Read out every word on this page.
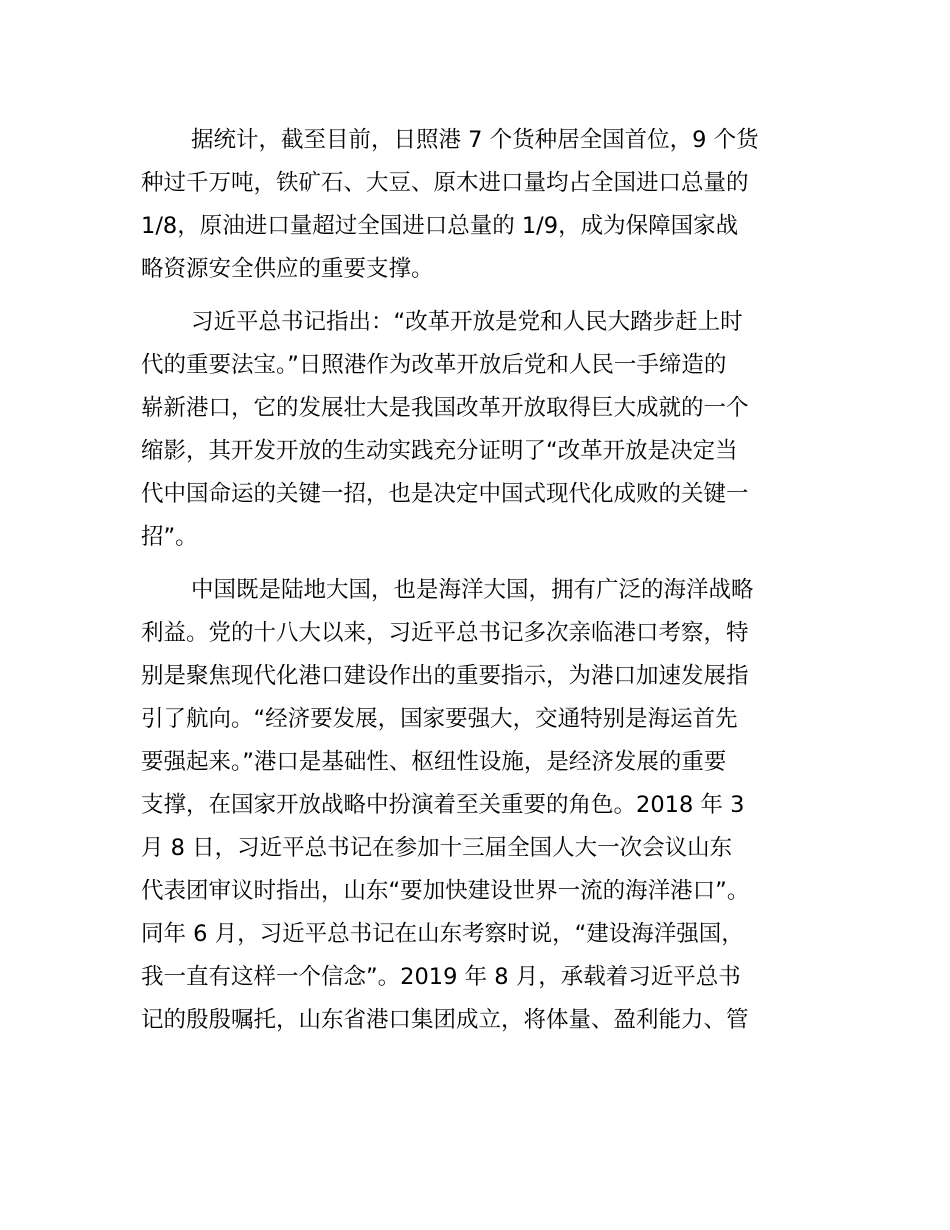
据统计，截至目前，日照港 7 个货种居全国首位，9 个货
种过千万吨，铁矿石、大豆、原木进口量均占全国进口总量的
1/8，原油进口量超过全国进口总量的 1/9，成为保障国家战
略资源安全供应的重要支撑。
习近平总书记指出：“改革开放是党和人民大踏步赶上时
代的重要法宝。”日照港作为改革开放后党和人民一手缔造的
崭新港口，它的发展壮大是我国改革开放取得巨大成就的一个
缩影，其开发开放的生动实践充分证明了“改革开放是决定当
代中国命运的关键一招，也是决定中国式现代化成败的关键一
招”。
中国既是陆地大国，也是海洋大国，拥有广泛的海洋战略
利益。党的十八大以来，习近平总书记多次亲临港口考察，特
别是聚焦现代化港口建设作出的重要指示，为港口加速发展指
引了航向。“经济要发展，国家要强大，交通特别是海运首先
要强起来。”港口是基础性、枢纽性设施，是经济发展的重要
支撑，在国家开放战略中扮演着至关重要的角色。2018 年 3
月 8 日，习近平总书记在参加十三届全国人大一次会议山东
代表团审议时指出，山东“要加快建设世界一流的海洋港口”。
同年 6 月，习近平总书记在山东考察时说，“建设海洋强国，
我一直有这样一个信念”。2019 年 8 月，承载着习近平总书
记的殷殷嘱托，山东省港口集团成立，将体量、盈利能力、管
